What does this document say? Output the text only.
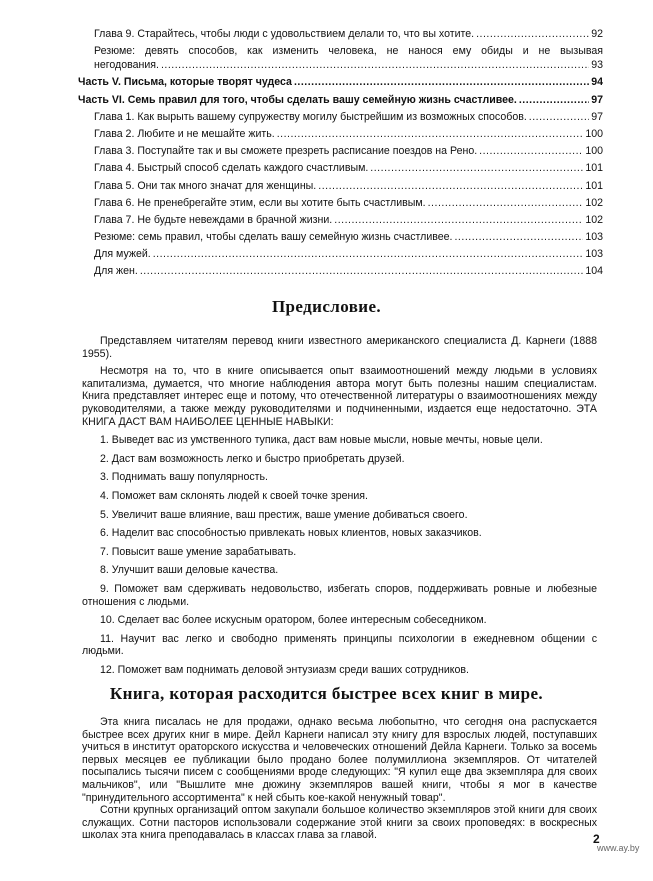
Глава 9. Старайтесь, чтобы люди с удовольствием делали то, что вы хотите. .....	92
Резюме: девять способов, как изменить человека, не нанося ему обиды и не вызывая
негодования. .....	93
Часть V. Письма, которые творят чудеса .....	94
Часть VI. Семь правил для того, чтобы сделать вашу семейную жизнь счастливее. .....	97
Глава 1. Как вырыть вашему супружеству могилу быстрейшим из возможных способов. .....	97
Глава 2. Любите и не мешайте жить. .....	100
Глава 3. Поступайте так и вы сможете презреть расписание поездов на Рено. .....	100
Глава 4. Быстрый способ сделать каждого счастливым. .....	101
Глава 5. Они так много значат для женщины. .....	101
Глава 6. Не пренебрегайте этим, если вы хотите быть счастливым. .....	102
Глава 7. Не будьте невеждами в брачной жизни. .....	102
Резюме: семь правил, чтобы сделать вашу семейную жизнь счастливее. .....	103
Для мужей. .....	103
Для жен. .....	104
Предисловие.

Представляем читателям перевод книги известного американского специалиста Д. Карнеги (1888 1955).

Несмотря на то, что в книге описывается опыт взаимоотношений между людьми в условиях капитализма, думается, что многие наблюдения автора могут быть полезны нашим специалистам. Книга представляет интерес еще и потому, что отечественной литературы о взаимоотношениях между руководителями, а также между руководителями и подчиненными, издается еще недостаточно. ЭТА КНИГА ДАСТ ВАМ НАИБОЛЕЕ ЦЕННЫЕ НАВЫКИ:

1. Выведет вас из умственного тупика, даст вам новые мысли, новые мечты, новые цели.
2. Даст вам возможность легко и быстро приобретать друзей.
3. Поднимать вашу популярность.
4. Поможет вам склонять людей к своей точке зрения.
5. Увеличит ваше влияние, ваш престиж, ваше умение добиваться своего.
6. Наделит вас способностью привлекать новых клиентов, новых заказчиков.
7. Повысит ваше умение зарабатывать.
8. Улучшит ваши деловые качества.
9. Поможет вам сдерживать недовольство, избегать споров, поддерживать ровные и любезные отношения с людьми.
10. Сделает вас более искусным оратором, более интересным собеседником.
11. Научит вас легко и свободно применять принципы психологии в ежедневном общении с людьми.
12. Поможет вам поднимать деловой энтузиазм среди ваших сотрудников.
Книга, которая расходится быстрее всех книг в мире.

Эта книга писалась не для продажи, однако весьма любопытно, что сегодня она распускается быстрее всех других книг в мире. Дейл Карнеги написал эту книгу для взрослых людей, поступавших учиться в институт ораторского искусства и человеческих отношений Дейла Карнеги. Только за восемь первых месяцев ее публикации было продано более полумиллиона экземпляров. От читателей посыпались тысячи писем с сообщениями вроде следующих: "Я купил еще два экземпляра для своих мальчиков", или "Вышлите мне дюжину экземпляров вашей книги, чтобы я мог в качестве "принудительного ассортимента" к ней сбыть кое-какой ненужный товар".

Сотни крупных организаций оптом закупали большое количество экземпляров этой книги для своих служащих. Сотни пасторов использовали содержание этой книги за своих проповедях: в воскресных школах эта книга преподавалась в классах глава за главой.	2
www.ay.by
